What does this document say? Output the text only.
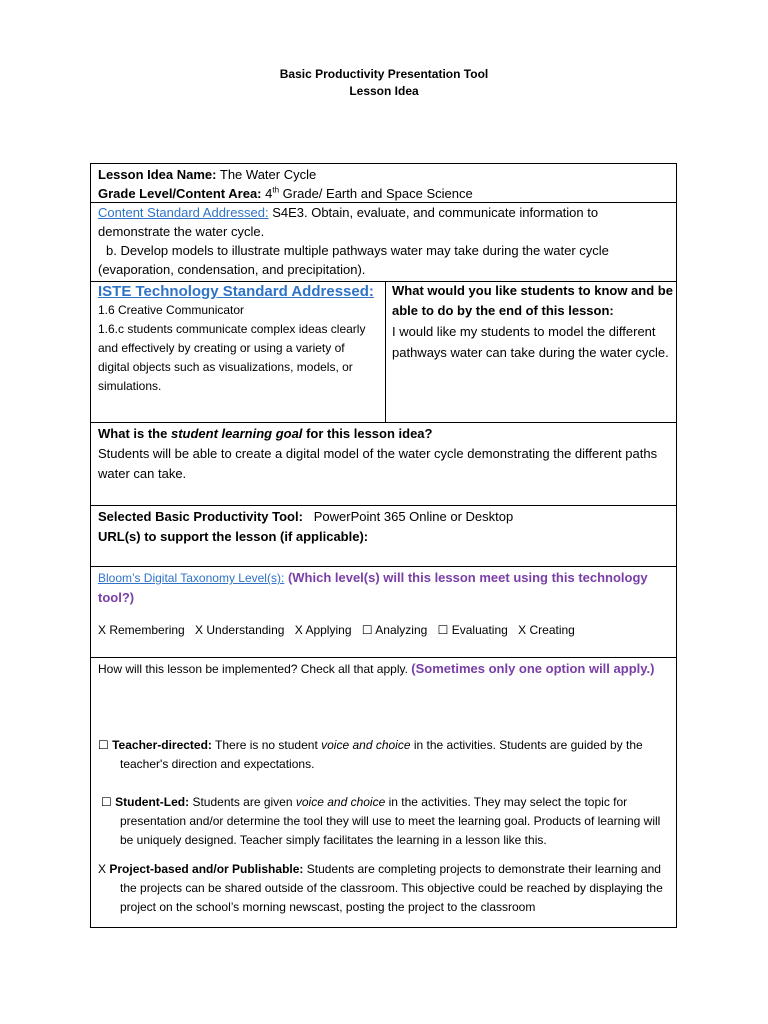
Basic Productivity Presentation Tool
Lesson Idea
Lesson Idea Name: The Water Cycle
Grade Level/Content Area: 4th Grade/ Earth and Space Science
Content Standard Addressed: S4E3. Obtain, evaluate, and communicate information to demonstrate the water cycle.
b. Develop models to illustrate multiple pathways water may take during the water cycle (evaporation, condensation, and precipitation).
ISTE Technology Standard Addressed:
1.6 Creative Communicator
1.6.c students communicate complex ideas clearly and effectively by creating or using a variety of digital objects such as visualizations, models, or simulations.
What would you like students to know and be able to do by the end of this lesson:
I would like my students to model the different pathways water can take during the water cycle.
What is the student learning goal for this lesson idea?
Students will be able to create a digital model of the water cycle demonstrating the different paths water can take.
Selected Basic Productivity Tool: PowerPoint 365 Online or Desktop
URL(s) to support the lesson (if applicable):
Bloom’s Digital Taxonomy Level(s): (Which level(s) will this lesson meet using this technology tool?)
X Remembering X Understanding X Applying ☐ Analyzing ☐ Evaluating X Creating
How will this lesson be implemented? Check all that apply. (Sometimes only one option will apply.)
☐ Teacher-directed: There is no student voice and choice in the activities. Students are guided by the teacher's direction and expectations.
☐ Student-Led: Students are given voice and choice in the activities. They may select the topic for presentation and/or determine the tool they will use to meet the learning goal. Products of learning will be uniquely designed. Teacher simply facilitates the learning in a lesson like this.
X Project-based and/or Publishable: Students are completing projects to demonstrate their learning and the projects can be shared outside of the classroom. This objective could be reached by displaying the project on the school’s morning newscast, posting the project to the classroom
